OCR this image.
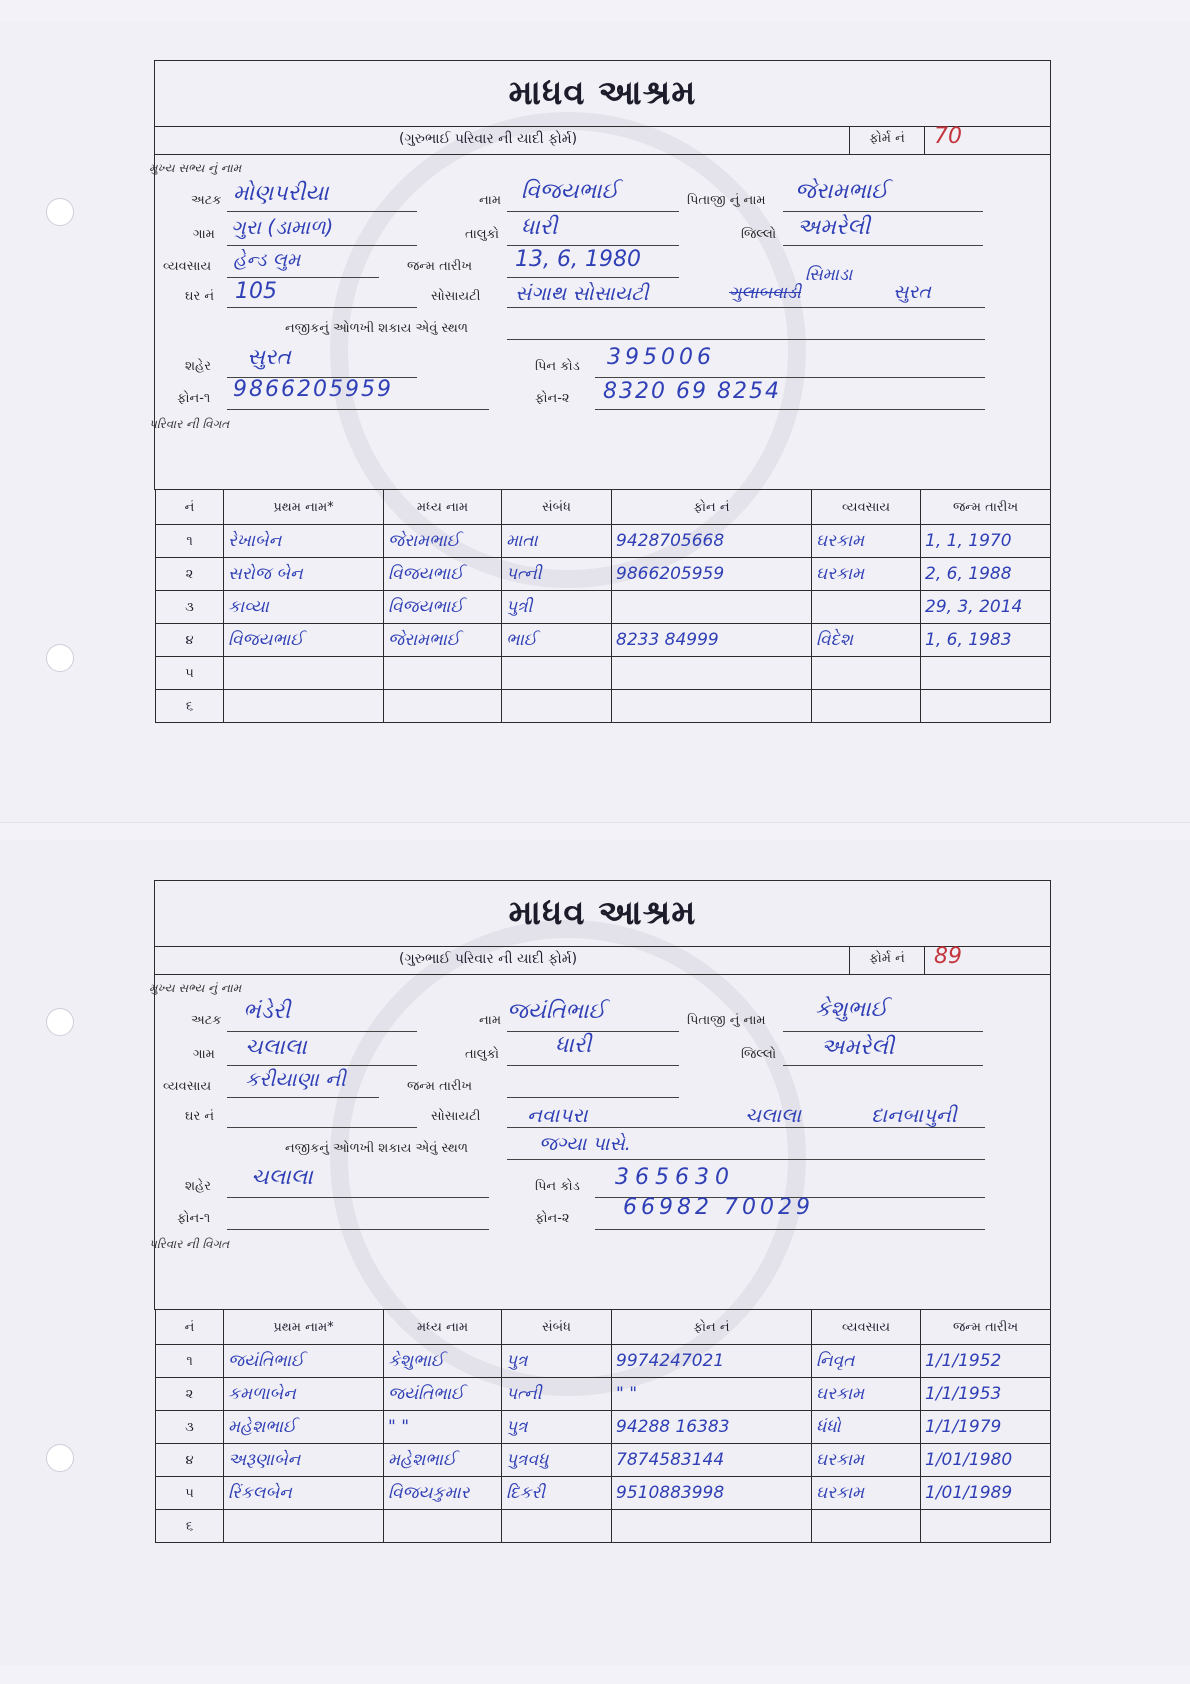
માધવ આશ્રમ
(ગુરુભાઈ પરિવાર ની યાદી ફોર્મ)	ફોર્મ નં	70
મુખ્ય સભ્ય નું નામ
અટક મોણપરીયા	નામ વિજયભાઈ	પિતાજી નું નામ જેરામભાઈ
ગામ ગુરા (ડામાળ)	તાલુકો ધારી	જિલ્લો અમરેલી
વ્યવસાય હેન્ડ લુમ	જન્મ તારીખ 13, 6, 1980
ઘર નં 105	સોસાયટી સંગાથ સોસાયટી	ગુલાબવાડી
સિમાડા
સુરત
નજીકનું ઓળખી શકાય એવું સ્થળ
શહેર સુરત	પિન કોડ 395006
ફોન-૧ 9866205959	ફોન-૨ 8320 69 8254
પરિવાર ની વિગત
નં	પ્રથમ નામ*	મધ્ય નામ	સંબંધ	ફોન નં	વ્યવસાય	જન્મ તારીખ
૧	રેખાબેન	જેરામભાઈ	માતા	9428705668	ઘરકામ	1, 1, 1970
૨	સરોજ બેન	વિજયભાઈ	પત્ની	9866205959	ઘરકામ	2, 6, 1988
૩	કાવ્યા	વિજયભાઈ	પુત્રી			29, 3, 2014
૪	વિજયભાઈ	જેરામભાઈ	ભાઈ	8233 84999	વિદેશ	1, 6, 1983
૫						
૬						
માધવ આશ્રમ
(ગુરુભાઈ પરિવાર ની યાદી ફોર્મ)	ફોર્મ નં	89
મુખ્ય સભ્ય નું નામ
અટક ભંડેરી	નામ જયંતિભાઈ	પિતાજી નું નામ કેશુભાઈ
ગામ ચલાલા	તાલુકો	ધારી	જિલ્લો અમરેલી
વ્યવસાય કરીયાણા ની	જન્મ તારીખ
ઘર નં	સોસાયટી નવાપરા	ચલાલા	દાનબાપુની
નજીકનું ઓળખી શકાય એવું સ્થળ	જગ્યા પાસે.
શહેર ચલાલા	પિન કોડ 365630
ફોન-૧	ફોન-૨ 66982 70029
પરિવાર ની વિગત
નં	પ્રથમ નામ*	મધ્ય નામ	સંબંધ	ફોન નં	વ્યવસાય	જન્મ તારીખ
૧	જયંતિભાઈ	કેશુભાઈ	પુત્ર	9974247021	નિવૃત	1/1/1952
૨	કમળાબેન	જયંતિભાઈ	પત્ની	" "	ઘરકામ	1/1/1953
૩	મહેશભાઈ	" "	પુત્ર	94288 16383	ધંધો	1/1/1979
૪	અરૂણાબેન	મહેશભાઈ	પુત્રવધુ	7874583144	ઘરકામ	1/01/1980
૫	રિંકલબેન	વિજયકુમાર	દિકરી	9510883998	ઘરકામ	1/01/1989
૬						
